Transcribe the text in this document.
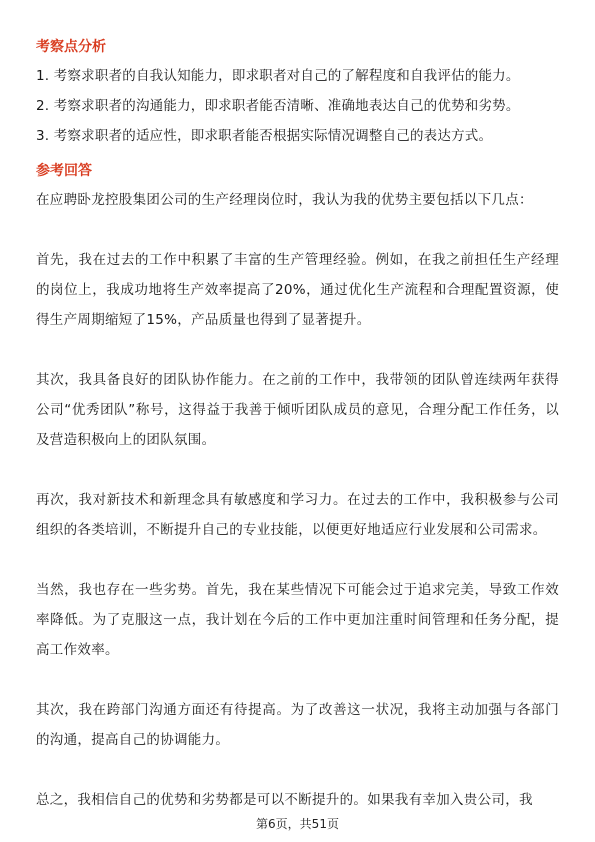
考察点分析
1. 考察求职者的自我认知能力，即求职者对自己的了解程度和自我评估的能力。
2. 考察求职者的沟通能力，即求职者能否清晰、准确地表达自己的优势和劣势。
3. 考察求职者的适应性，即求职者能否根据实际情况调整自己的表达方式。
参考回答

在应聘卧龙控股集团公司的生产经理岗位时，我认为我的优势主要包括以下几点：

首先，我在过去的工作中积累了丰富的生产管理经验。例如，在我之前担任生产经理的岗位上，我成功地将生产效率提高了20%，通过优化生产流程和合理配置资源，使得生产周期缩短了15%，产品质量也得到了显著提升。

其次，我具备良好的团队协作能力。在之前的工作中，我带领的团队曾连续两年获得公司“优秀团队”称号，这得益于我善于倾听团队成员的意见，合理分配工作任务，以及营造积极向上的团队氛围。

再次，我对新技术和新理念具有敏感度和学习力。在过去的工作中，我积极参与公司组织的各类培训，不断提升自己的专业技能，以便更好地适应行业发展和公司需求。

当然，我也存在一些劣势。首先，我在某些情况下可能会过于追求完美，导致工作效率降低。为了克服这一点，我计划在今后的工作中更加注重时间管理和任务分配，提高工作效率。

其次，我在跨部门沟通方面还有待提高。为了改善这一状况，我将主动加强与各部门的沟通，提高自己的协调能力。

总之，我相信自己的优势和劣势都是可以不断提升的。如果我有幸加入贵公司，我

第6页，共51页
